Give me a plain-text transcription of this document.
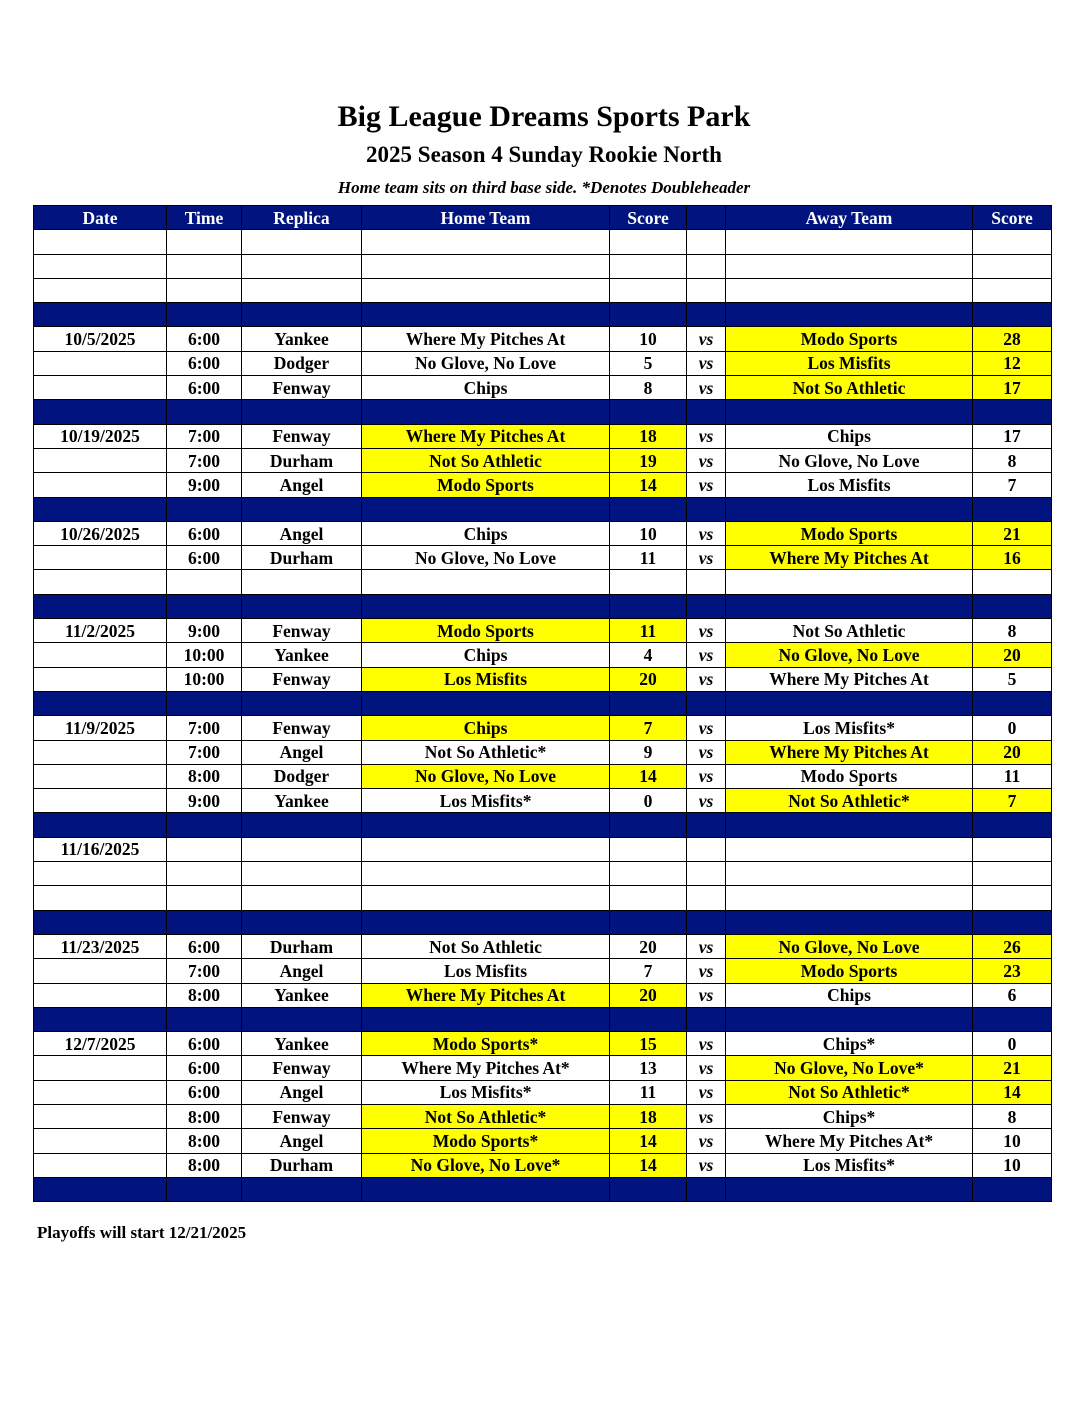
Big League Dreams Sports Park
2025 Season 4 Sunday Rookie North
Home team sits on third base side. *Denotes Doubleheader
Date	Time	Replica	Home Team	Score		Away Team	Score

10/5/2025	6:00	Yankee	Where My Pitches At	10	vs	Modo Sports	28
	6:00	Dodger	No Glove, No Love	5	vs	Los Misfits	12
	6:00	Fenway	Chips	8	vs	Not So Athletic	17

10/19/2025	7:00	Fenway	Where My Pitches At	18	vs	Chips	17
	7:00	Durham	Not So Athletic	19	vs	No Glove, No Love	8
	9:00	Angel	Modo Sports	14	vs	Los Misfits	7

10/26/2025	6:00	Angel	Chips	10	vs	Modo Sports	21
	6:00	Durham	No Glove, No Love	11	vs	Where My Pitches At	16

11/2/2025	9:00	Fenway	Modo Sports	11	vs	Not So Athletic	8
	10:00	Yankee	Chips	4	vs	No Glove, No Love	20
	10:00	Fenway	Los Misfits	20	vs	Where My Pitches At	5

11/9/2025	7:00	Fenway	Chips	7	vs	Los Misfits*	0
	7:00	Angel	Not So Athletic*	9	vs	Where My Pitches At	20
	8:00	Dodger	No Glove, No Love	14	vs	Modo Sports	11
	9:00	Yankee	Los Misfits*	0	vs	Not So Athletic*	7

11/16/2025							

11/23/2025	6:00	Durham	Not So Athletic	20	vs	No Glove, No Love	26
	7:00	Angel	Los Misfits	7	vs	Modo Sports	23
	8:00	Yankee	Where My Pitches At	20	vs	Chips	6

12/7/2025	6:00	Yankee	Modo Sports*	15	vs	Chips*	0
	6:00	Fenway	Where My Pitches At*	13	vs	No Glove, No Love*	21
	6:00	Angel	Los Misfits*	11	vs	Not So Athletic*	14
	8:00	Fenway	Not So Athletic*	18	vs	Chips*	8
	8:00	Angel	Modo Sports*	14	vs	Where My Pitches At*	10
	8:00	Durham	No Glove, No Love*	14	vs	Los Misfits*	10

Playoffs will start 12/21/2025
